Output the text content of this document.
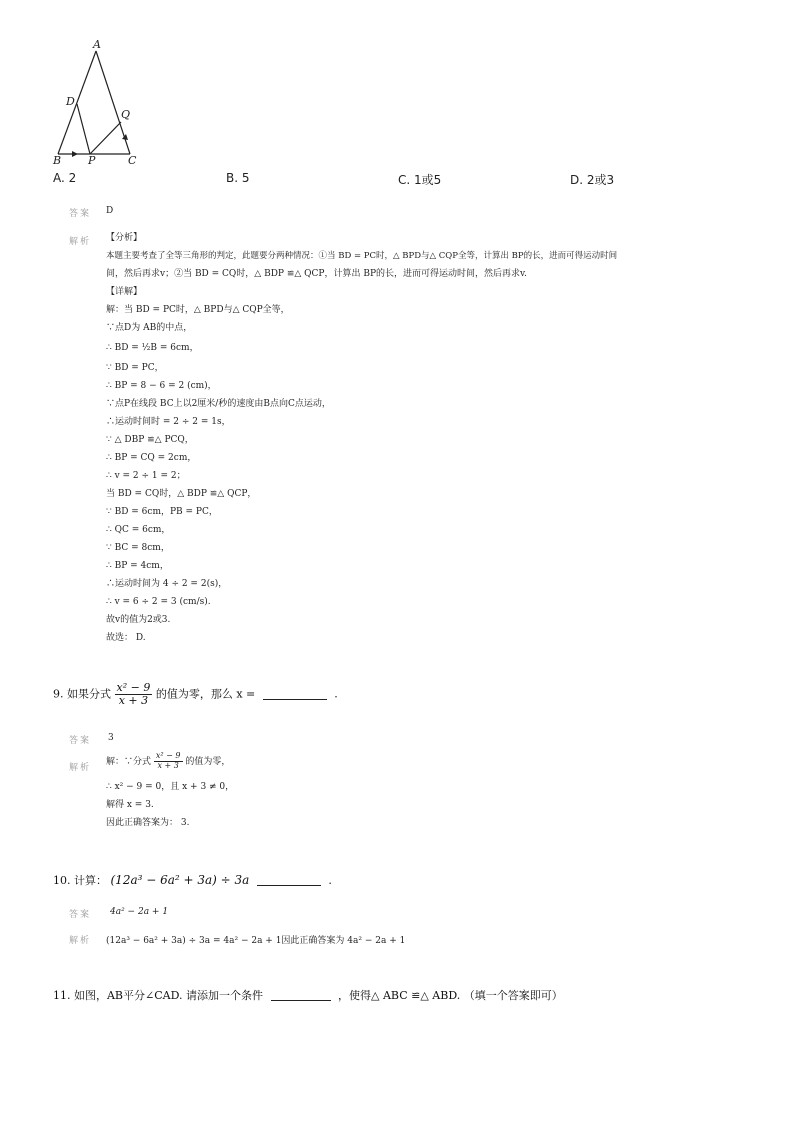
A
D
Q
B P	C
A. 2	B. 5	C. 1或5	D. 2或3
答案 D
解析 【分析】
本题主要考查了全等三角形的判定，此题要分两种情况：①当 BD = PC时，△ BPD与△ CQP全等，计算出 BP的长，进而可得运动时间
间，然后再求v；②当 BD = CQ时，△ BDP ≌△ QCP，计算出 BP的长，进而可得运动时间，然后再求v.
【详解】
解：当 BD = PC时，△ BPD与△ CQP全等，
∵点D为 AB的中点，
∴ BD = ½B = 6cm，
∵ BD = PC，
∴ BP = 8 − 6 = 2 (cm)，
∵点P在线段 BC上以2厘米/秒的速度由B点向C点运动，
∴运动时间时 = 2 ÷ 2 = 1s，
∵ △ DBP ≌△ PCQ，
∴ BP = CQ = 2cm，
∴ v = 2 ÷ 1 = 2；
当 BD = CQ时，△ BDP ≌△ QCP，
∵ BD = 6cm，PB = PC，
∴ QC = 6cm，
∵ BC = 8cm，
∴ BP = 4cm，
∴运动时间为 4 ÷ 2 = 2(s)，
∴ v = 6 ÷ 2 = 3 (cm/s).
故v的值为2或3.
故选： D.
9. 如果分式 $\frac{\text{x² − 9}}{x + 3}$ 的值为零，那么 x =	.
答案 3
解析
解：∵分式 $\frac{\text{x² − 9}}{x + 3}$ 的值为零，
∴ x² − 9 = 0，且 x + 3 ≠ 0，
解得 x = 3.
因此正确答案为： 3.
10. 计算： (12a³ − 6a² + 3a) ÷ 3a	.
答案 4a² − 2a + 1
解析 (12a³ − 6a² + 3a) ÷ 3a = 4a² − 2a + 1因此正确答案为 4a² − 2a + 1
11. 如图，AB平分∠CAD. 请添加一个条件	，使得△ ABC ≌△ ABD. （填一个答案即可）
